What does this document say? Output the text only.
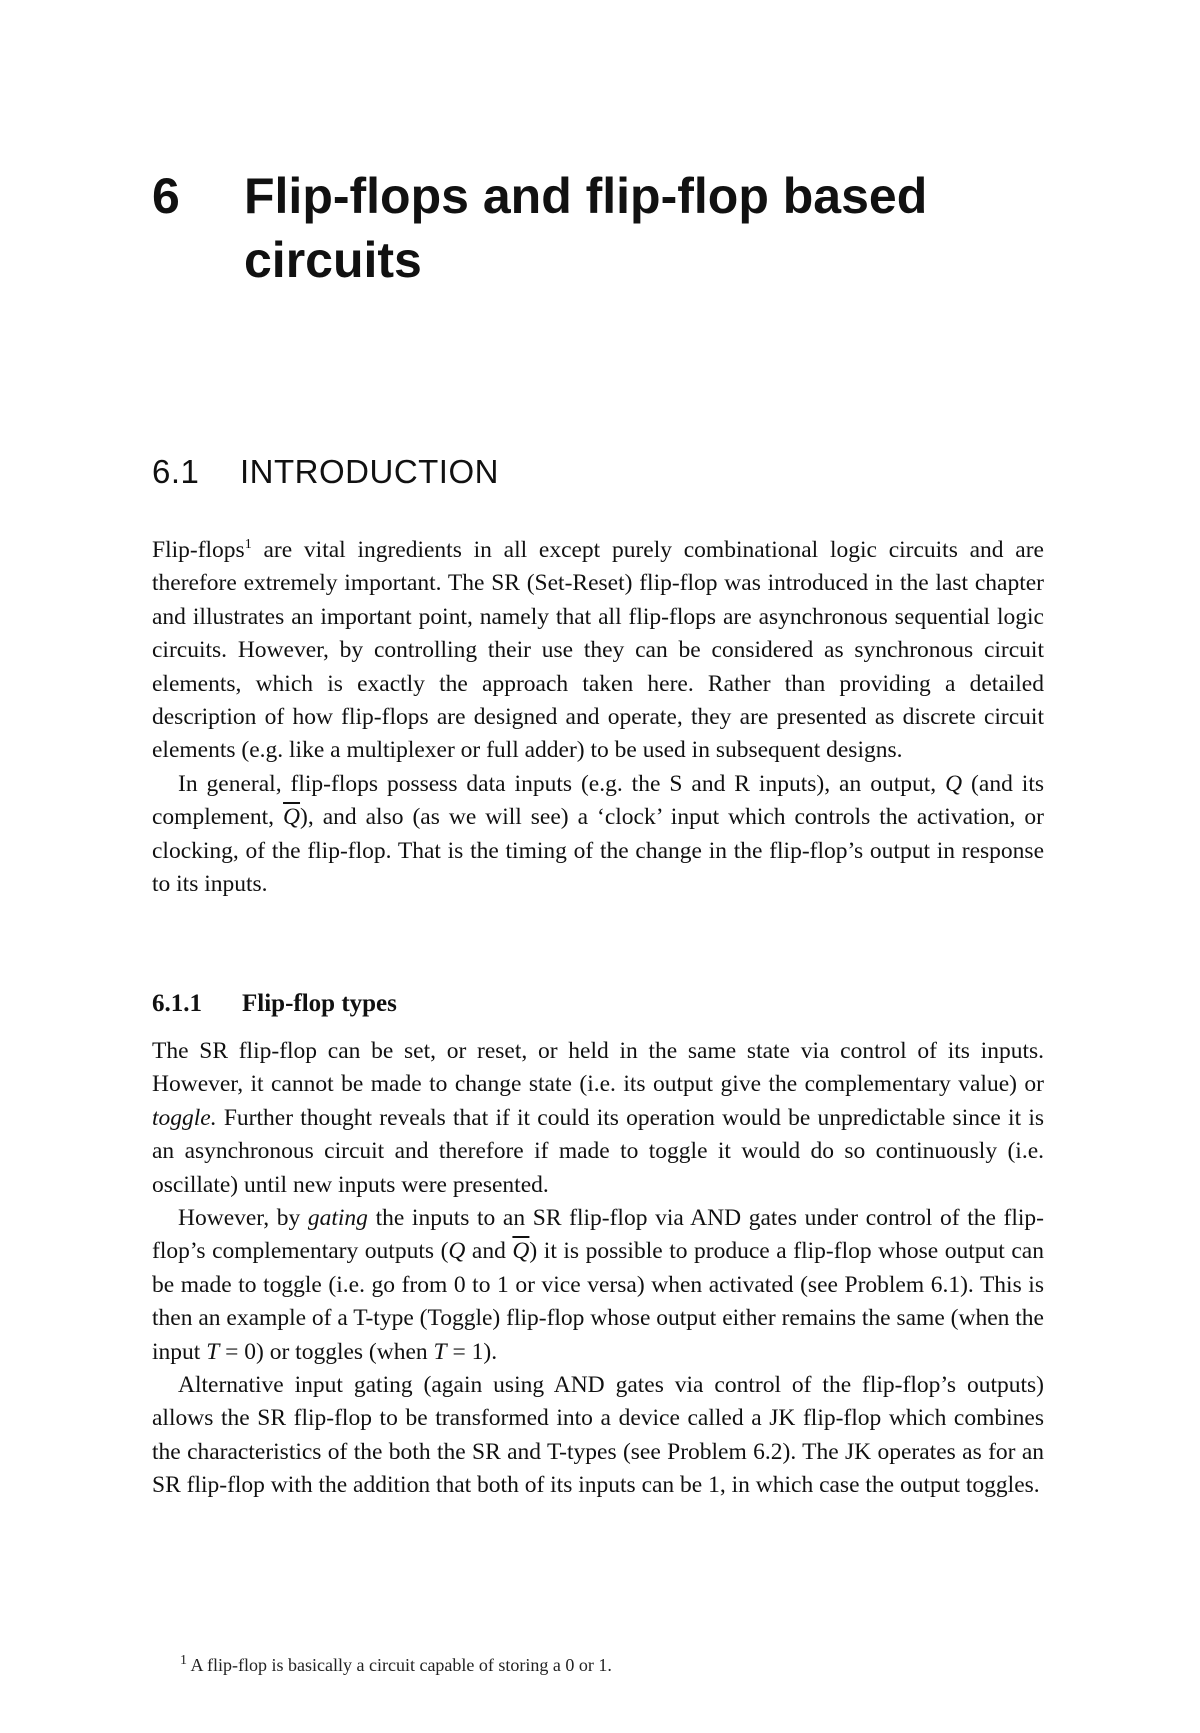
6 Flip-flops and flip-flop based circuits
6.1 INTRODUCTION

Flip-flops$^1$ are vital ingredients in all except purely combinational logic circuits and are therefore extremely important. The SR (Set-Reset) flip-flop was introduced in the last chapter and illustrates an important point, namely that all flip-flops are asynchronous sequential logic circuits. However, by controlling their use they can be considered as synchronous circuit elements, which is exactly the approach taken here. Rather than providing a detailed description of how flip-flops are designed and operate, they are presented as discrete circuit elements (e.g. like a multiplexer or full adder) to be used in subsequent designs.

In general, flip-flops possess data inputs (e.g. the S and R inputs), an output, Q (and its complement, $\overline{Q}$), and also (as we will see) a ‘clock’ input which controls the activation, or clocking, of the flip-flop. That is the timing of the change in the flip-flop’s output in response to its inputs.

6.1.1 Flip-flop types

The SR flip-flop can be set, or reset, or held in the same state via control of its inputs. However, it cannot be made to change state (i.e. its output give the complementary value) or toggle. Further thought reveals that if it could its operation would be unpredictable since it is an asynchronous circuit and therefore if made to toggle it would do so continuously (i.e. oscillate) until new inputs were presented.

However, by gating the inputs to an SR flip-flop via AND gates under control of the flip-flop’s complementary outputs (Q and $\overline{Q}$) it is possible to produce a flip-flop whose output can be made to toggle (i.e. go from 0 to 1 or vice versa) when activated (see Problem 6.1). This is then an example of a T-type (Toggle) flip-flop whose output either remains the same (when the input T = 0) or toggles (when T = 1).

Alternative input gating (again using AND gates via control of the flip-flop’s outputs) allows the SR flip-flop to be transformed into a device called a JK flip-flop which combines the characteristics of the both the SR and T-types (see Problem 6.2). The JK operates as for an SR flip-flop with the addition that both of its inputs can be 1, in which case the output toggles.

$^1$ A flip-flop is basically a circuit capable of storing a 0 or 1.
